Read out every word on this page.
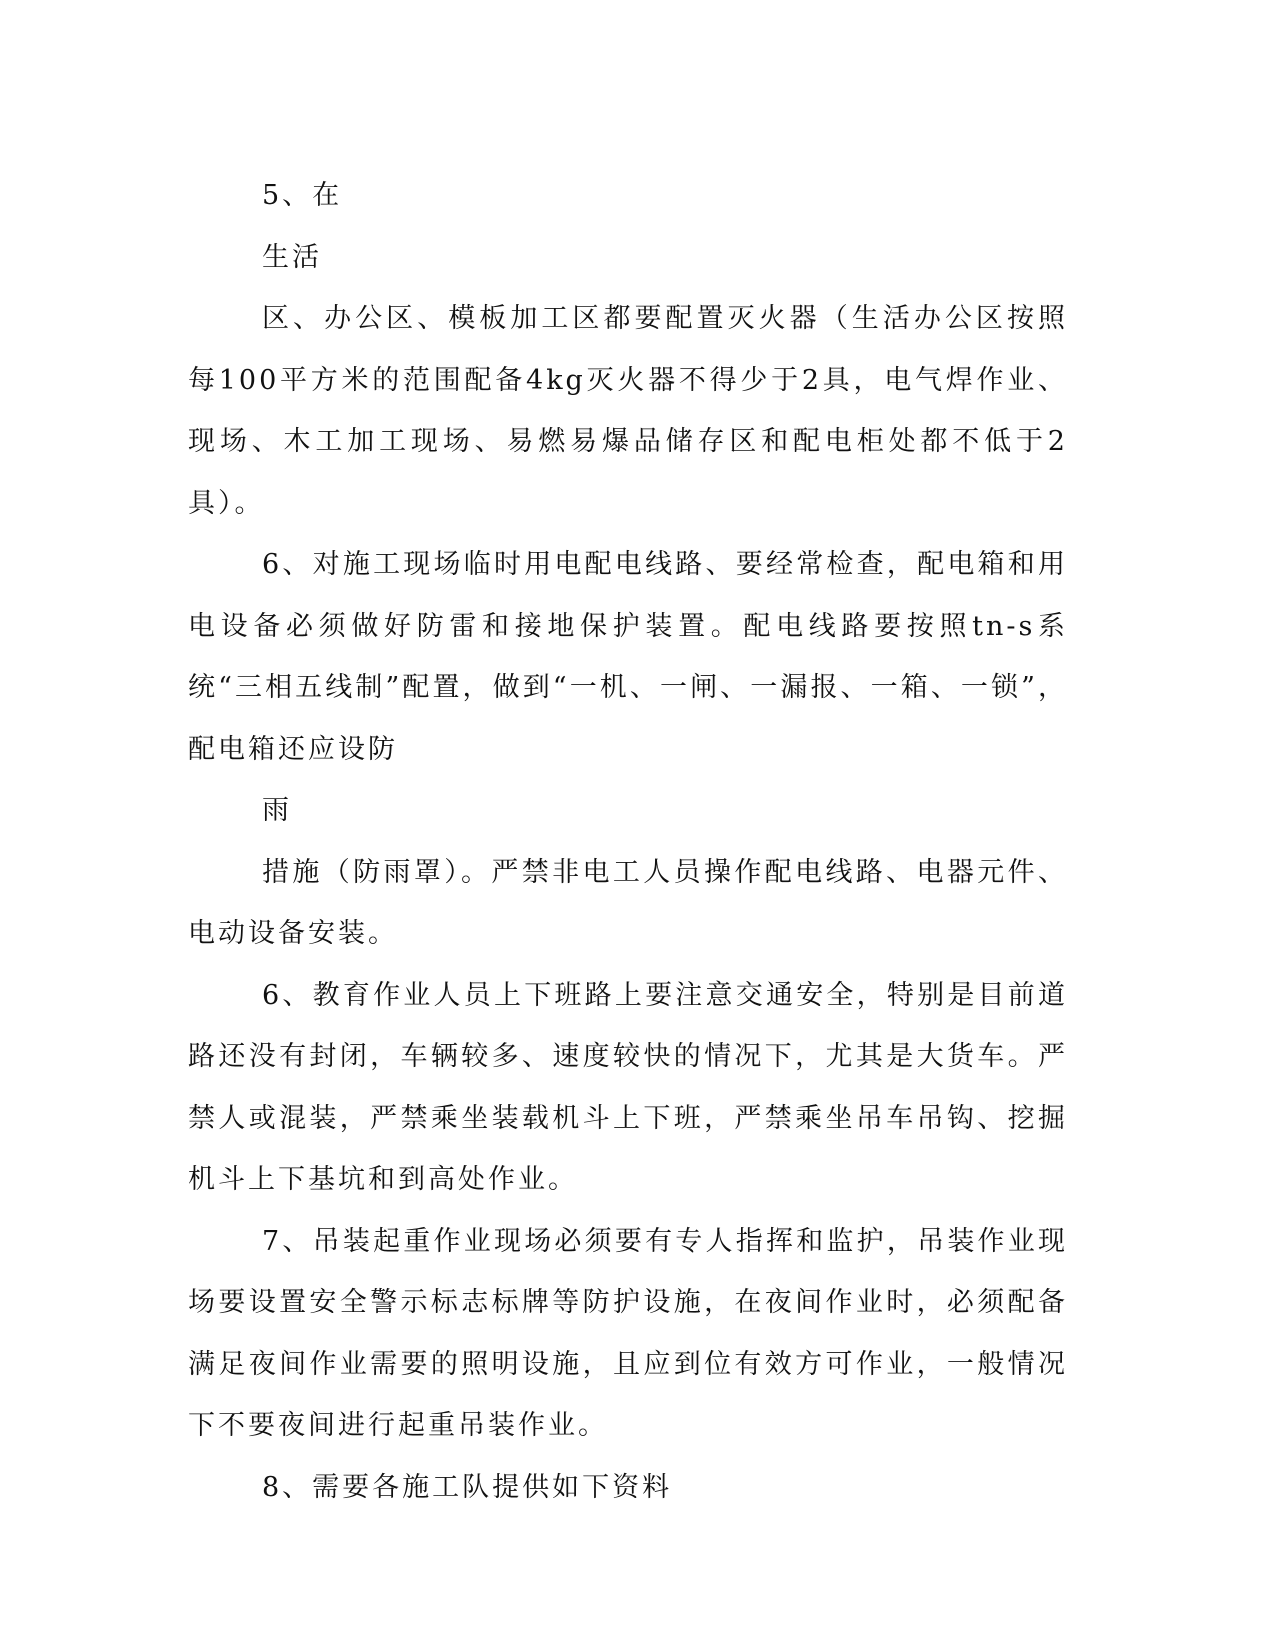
5、在

生活

区、办公区、模板加工区都要配置灭火器（生活办公区按照每100平方米的范围配备4kg灭火器不得少于2具，电气焊作业、现场、木工加工现场、易燃易爆品储存区和配电柜处都不低于2具）。

6、对施工现场临时用电配电线路、要经常检查，配电箱和用电设备必须做好防雷和接地保护装置。配电线路要按照tn-s系统“三相五线制”配置，做到“一机、一闸、一漏报、一箱、一锁”，配电箱还应设防

雨

措施（防雨罩）。严禁非电工人员操作配电线路、电器元件、电动设备安装。

6、教育作业人员上下班路上要注意交通安全，特别是目前道路还没有封闭，车辆较多、速度较快的情况下，尤其是大货车。严禁人或混装，严禁乘坐装载机斗上下班，严禁乘坐吊车吊钩、挖掘机斗上下基坑和到高处作业。

7、吊装起重作业现场必须要有专人指挥和监护，吊装作业现场要设置安全警示标志标牌等防护设施，在夜间作业时，必须配备满足夜间作业需要的照明设施，且应到位有效方可作业，一般情况下不要夜间进行起重吊装作业。

8、需要各施工队提供如下资料
